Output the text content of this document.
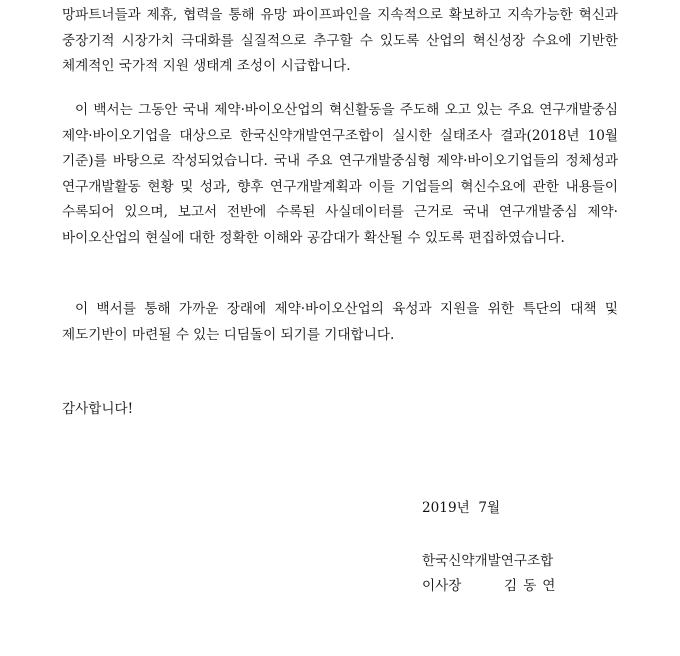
망파트너들과 제휴, 협력을 통해 유망 파이프파인을 지속적으로 확보하고 지속가능한 혁신과 중장기적 시장가치 극대화를 실질적으로 추구할 수 있도록 산업의 혁신성장 수요에 기반한 체계적인 국가적 지원 생태계 조성이 시급합니다.

이 백서는 그동안 국내 제약·바이오산업의 혁신활동을 주도해 오고 있는 주요 연구개발중심 제약·바이오기업을 대상으로 한국신약개발연구조합이 실시한 실태조사 결과(2018년 10월 기준)를 바탕으로 작성되었습니다. 국내 주요 연구개발중심형 제약·바이오기업들의 정체성과 연구개발활동 현황 및 성과, 향후 연구개발계획과 이들 기업들의 혁신수요에 관한 내용들이 수록되어 있으며, 보고서 전반에 수록된 사실데이터를 근거로 국내 연구개발중심 제약·바이오산업의 현실에 대한 정확한 이해와 공감대가 확산될 수 있도록 편집하였습니다.

이 백서를 통해 가까운 장래에 제약·바이오산업의 육성과 지원을 위한 특단의 대책 및 제도기반이 마련될 수 있는 디딤돌이 되기를 기대합니다.

감사합니다!

2019년  7월
한국신약개발연구조합

이사장

	김동연
